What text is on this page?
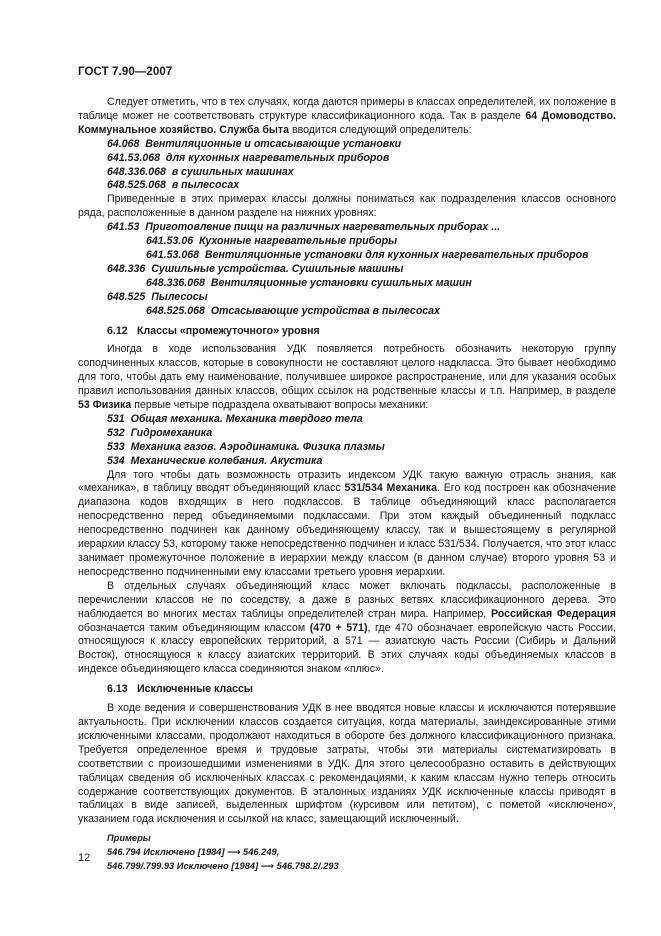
ГОСТ 7.90—2007

Следует отметить, что в тех случаях, когда даются примеры в классах определителей, их положение в таблице может не соответствовать структуре классификационного кода. Так в разделе 64 Домоводство. Коммунальное хозяйство. Служба быта вводится следующий определитель:

64.068 Вентиляционные и отсасывающие установки

641.53.068 для кухонных нагревательных приборов

648.336.068 в сушильных машинах

648.525.068 в пылесосах

Приведенные в этих примерах классы должны пониматься как подразделения классов основного ряда, расположенные в данном разделе на нижних уровнях:

641.53 Приготовление пищи на различных нагревательных приборах ...

641.53.06 Кухонные нагревательные приборы

641.53.068 Вентиляционные установки для кухонных нагревательных приборов

648.336 Сушильные устройства. Сушильные машины

648.336.068 Вентиляционные установки сушильных машин

648.525 Пылесосы

648.525.068 Отсасывающие устройства в пылесосах

6.12 Классы «промежуточного» уровня

Иногда в ходе использования УДК появляется потребность обозначить некоторую группу соподчиненных классов, которые в совокупности не составляют целого надкласса. Это бывает необходимо для того, чтобы дать ему наименование, получившее широкое распространение, или для указания особых правил использования данных классов, общих ссылок на родственные классы и т.п. Например, в разделе 53 Физика первые четыре подраздела охватывают вопросы механики:

531 Общая механика. Механика твердого тела

532 Гидромеханика

533 Механика газов. Аэродинамика. Физика плазмы

534 Механические колебания. Акустика

Для того чтобы дать возможность отразить индексом УДК такую важную отрасль знания, как «механика», в таблицу вводят объединяющий класс 531/534 Механика. Его код построен как обозначение диапазона кодов входящих в него подклассов. В таблице объединяющий класс располагается непосредственно перед объединяемыми подклассами. При этом каждый объединенный подкласс непосредственно подчинен как данному объединяющему классу, так и вышестоящему в регулярной иерархии классу 53, которому также непосредственно подчинен и класс 531/534. Получается, что этот класс занимает промежуточное положение в иерархии между классом (в данном случае) второго уровня 53 и непосредственно подчиненными ему классами третьего уровня иерархии.

В отдельных случаях объединяющий класс может включать подклассы, расположенные в перечислении классов не по соседству, а даже в разных ветвях классификационного дерева. Это наблюдается во многих местах таблицы определителей стран мира. Например, Российская Федерация обозначается таким объединяющим классом (470 + 571), где 470 обозначает европейскую часть России, относящуюся к классу европейских территорий, а 571 — азиатскую часть России (Сибирь и Дальний Восток), относящуюся к классу азиатских территорий. В этих случаях коды объединяемых классов в индексе объединяющего класса соединяются знаком «плюс».

6.13 Исключенные классы

В ходе ведения и совершенствования УДК в нее вводятся новые классы и исключаются потерявшие актуальность. При исключении классов создается ситуация, когда материалы, заиндексированные этими исключенными классами, продолжают находиться в обороте без должного классификационного признака. Требуется определенное время и трудовые затраты, чтобы эти материалы систематизировать в соответствии с произошедшими изменениями в УДК. Для этого целесообразно оставить в действующих таблицах сведения об исключенных классах с рекомендациями, к каким классам нужно теперь относить содержание соответствующих документов. В эталонных изданиях УДК исключенные классы приводят в таблицах в виде записей, выделенных шрифтом (курсивом или петитом), с пометой «исключено», указанием года исключения и ссылкой на класс, замещающий исключенный.

Примеры

546.794 Исключено [1984] ⟶ 546.249,

546.799/.799.93 Исключено [1984] ⟶ 546.798.2/.293

12
